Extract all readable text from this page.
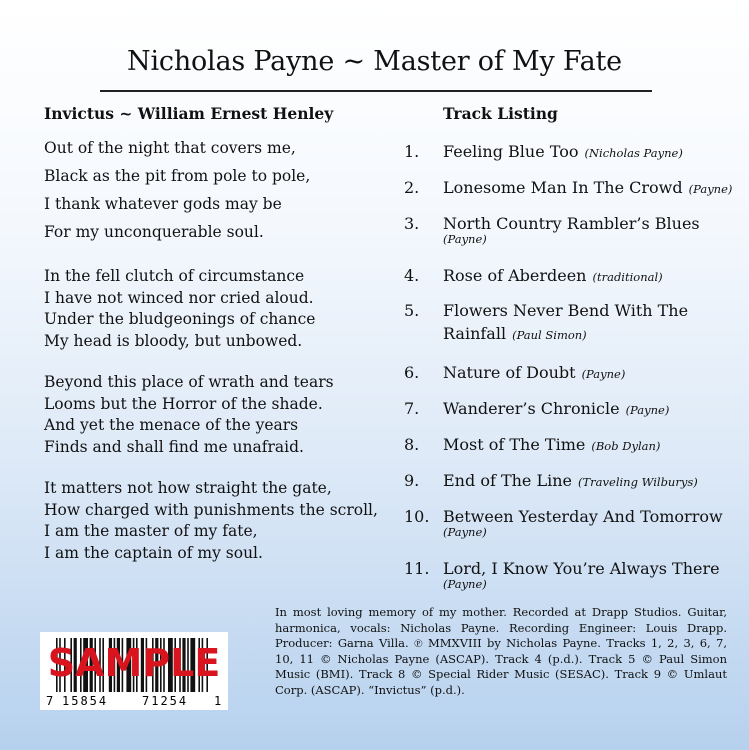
Nicholas Payne ~ Master of My Fate
Invictus ~ William Ernest Henley
Out of the night that covers me,
Black as the pit from pole to pole,
I thank whatever gods may be
For my unconquerable soul.
In the fell clutch of circumstance
I have not winced nor cried aloud.
Under the bludgeonings of chance
My head is bloody, but unbowed.
Beyond this place of wrath and tears
Looms but the Horror of the shade.
And yet the menace of the years
Finds and shall find me unafraid.
It matters not how straight the gate,
How charged with punishments the scroll,
I am the master of my fate,
I am the captain of my soul.
Track Listing
1. Feeling Blue Too (Nicholas Payne)
2. Lonesome Man In The Crowd (Payne)
3. North Country Rambler’s Blues
(Payne)
4. Rose of Aberdeen (traditional)
5. Flowers Never Bend With The Rainfall (Paul Simon)
6. Nature of Doubt (Payne)
7. Wanderer’s Chronicle (Payne)
8. Most of The Time (Bob Dylan)
9. End of The Line (Traveling Wilburys)
10. Between Yesterday And Tomorrow
(Payne)
11. Lord, I Know You’re Always There
(Payne)
SAMPLE
7 15854	71254 1
In most loving memory of my mother. Recorded at Drapp Studios. Guitar, harmonica, vocals: Nicholas Payne. Recording Engineer: Louis Drapp. Producer: Garna Villa. ℗ MMXVIII by Nicholas Payne. Tracks 1, 2, 3, 6, 7, 10, 11 © Nicholas Payne (ASCAP). Track 4 (p.d.). Track 5 © Paul Simon Music (BMI). Track 8 © Special Rider Music (SESAC). Track 9 © Umlaut Corp. (ASCAP). “Invictus” (p.d.).
